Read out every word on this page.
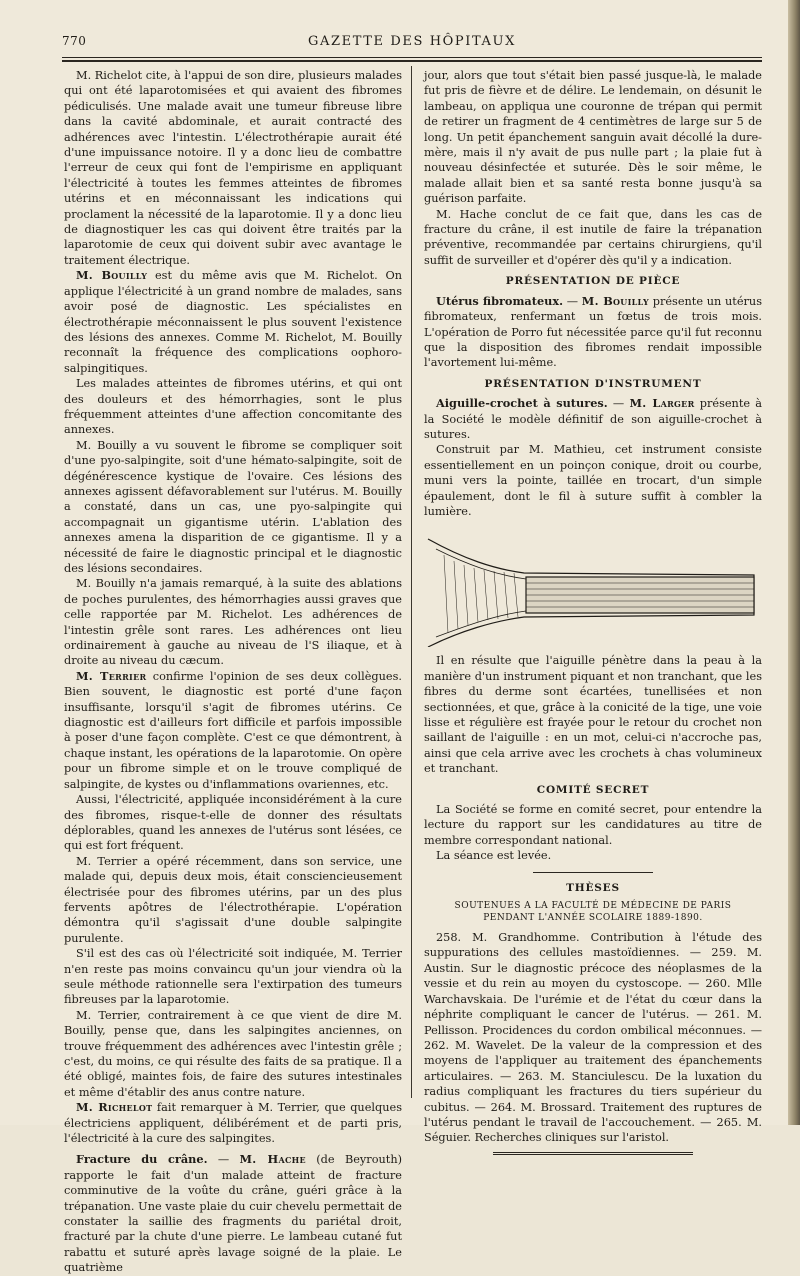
770	GAZETTE DES HÔPITAUX

M. Richelot cite, à l'appui de son dire, plusieurs malades qui ont été laparotomisées et qui avaient des fibromes pédiculisés. Une malade avait une tumeur fibreuse libre dans la cavité abdominale, et aurait contracté des adhérences avec l'intestin. L'électrothérapie aurait été d'une impuissance notoire. Il y a donc lieu de combattre l'erreur de ceux qui font de l'empirisme en appliquant l'électricité à toutes les femmes atteintes de fibromes utérins et en méconnaissant les indications qui proclament la nécessité de la laparotomie. Il y a donc lieu de diagnostiquer les cas qui doivent être traités par la laparotomie de ceux qui doivent subir avec avantage le traitement électrique.

M. Bouilly est du même avis que M. Richelot. On applique l'électricité à un grand nombre de malades, sans avoir posé de diagnostic. Les spécialistes en électrothérapie méconnaissent le plus souvent l'existence des lésions des annexes. Comme M. Richelot, M. Bouilly reconnaît la fréquence des complications oophoro-salpingitiques.

Les malades atteintes de fibromes utérins, et qui ont des douleurs et des hémorrhagies, sont le plus fréquemment atteintes d'une affection concomitante des annexes.

M. Bouilly a vu souvent le fibrome se compliquer soit d'une pyo-salpingite, soit d'une hémato-salpingite, soit de dégénérescence kystique de l'ovaire. Ces lésions des annexes agissent défavorablement sur l'utérus. M. Bouilly a constaté, dans un cas, une pyo-salpingite qui accompagnait un gigantisme utérin. L'ablation des annexes amena la disparition de ce gigantisme. Il y a nécessité de faire le diagnostic principal et le diagnostic des lésions secondaires.

M. Bouilly n'a jamais remarqué, à la suite des ablations de poches purulentes, des hémorrhagies aussi graves que celle rapportée par M. Richelot. Les adhérences de l'intestin grêle sont rares. Les adhérences ont lieu ordinairement à gauche au niveau de l'S iliaque, et à droite au niveau du cæcum.

M. Terrier confirme l'opinion de ses deux collègues. Bien souvent, le diagnostic est porté d'une façon insuffisante, lorsqu'il s'agit de fibromes utérins. Ce diagnostic est d'ailleurs fort difficile et parfois impossible à poser d'une façon complète. C'est ce que démontrent, à chaque instant, les opérations de la laparotomie. On opère pour un fibrome simple et on le trouve compliqué de salpingite, de kystes ou d'inflammations ovariennes, etc.

Aussi, l'électricité, appliquée inconsidérément à la cure des fibromes, risque-t-elle de donner des résultats déplorables, quand les annexes de l'utérus sont lésées, ce qui est fort fréquent.

M. Terrier a opéré récemment, dans son service, une malade qui, depuis deux mois, était consciencieusement électrisée pour des fibromes utérins, par un des plus fervents apôtres de l'électrothérapie. L'opération démontra qu'il s'agissait d'une double salpingite purulente.

S'il est des cas où l'électricité soit indiquée, M. Terrier n'en reste pas moins convaincu qu'un jour viendra où la seule méthode rationnelle sera l'extirpation des tumeurs fibreuses par la laparotomie.

M. Terrier, contrairement à ce que vient de dire M. Bouilly, pense que, dans les salpingites anciennes, on trouve fréquemment des adhérences avec l'intestin grêle ; c'est, du moins, ce qui résulte des faits de sa pratique. Il a été obligé, maintes fois, de faire des sutures intestinales et même d'établir des anus contre nature.

M. Richelot fait remarquer à M. Terrier, que quelques électriciens appliquent, délibérément et de parti pris, l'électricité à la cure des salpingites.

Fracture du crâne. — M. Hache (de Beyrouth) rapporte le fait d'un malade atteint de fracture comminutive de la voûte du crâne, guéri grâce à la trépanation. Une vaste plaie du cuir chevelu permettait de constater la saillie des fragments du pariétal droit, fracturé par la chute d'une pierre. Le lambeau cutané fut rabattu et suturé après lavage soigné de la plaie. Le quatrième

jour, alors que tout s'était bien passé jusque-là, le malade fut pris de fièvre et de délire. Le lendemain, on désunit le lambeau, on appliqua une couronne de trépan qui permit de retirer un fragment de 4 centimètres de large sur 5 de long. Un petit épanchement sanguin avait décollé la dure-mère, mais il n'y avait de pus nulle part ; la plaie fut à nouveau désinfectée et suturée. Dès le soir même, le malade allait bien et sa santé resta bonne jusqu'à sa guérison parfaite.

M. Hache conclut de ce fait que, dans les cas de fracture du crâne, il est inutile de faire la trépanation préventive, recommandée par certains chirurgiens, qu'il suffit de surveiller et d'opérer dès qu'il y a indication.

PRÉSENTATION DE PIÈCE

Utérus fibromateux. — M. Bouilly présente un utérus fibromateux, renfermant un fœtus de trois mois. L'opération de Porro fut nécessitée parce qu'il fut reconnu que la disposition des fibromes rendait impossible l'avortement lui-même.

PRÉSENTATION D'INSTRUMENT

Aiguille-crochet à sutures. — M. Larger présente à la Société le modèle définitif de son aiguille-crochet à sutures.

Construit par M. Mathieu, cet instrument consiste essentiellement en un poinçon conique, droit ou courbe, muni vers la pointe, taillée en trocart, d'un simple épaulement, dont le fil à suture suffit à combler la lumière.

Il en résulte que l'aiguille pénètre dans la peau à la manière d'un instrument piquant et non tranchant, que les fibres du derme sont écartées, tunellisées et non sectionnées, et que, grâce à la conicité de la tige, une voie lisse et régulière est frayée pour le retour du crochet non saillant de l'aiguille : en un mot, celui-ci n'accroche pas, ainsi que cela arrive avec les crochets à chas volumineux et tranchant.

COMITÉ SECRET

La Société se forme en comité secret, pour entendre la lecture du rapport sur les candidatures au titre de membre correspondant national.

La séance est levée.

THÈSES
SOUTENUES A LA FACULTÉ DE MÉDECINE DE PARIS
PENDANT L'ANNÉE SCOLAIRE 1889-1890.

258. M. Grandhomme. Contribution à l'étude des suppurations des cellules mastoïdiennes. — 259. M. Austin. Sur le diagnostic précoce des néoplasmes de la vessie et du rein au moyen du cystoscope. — 260. Mlle Warchavskaia. De l'urémie et de l'état du cœur dans la néphrite compliquant le cancer de l'utérus. — 261. M. Pellisson. Procidences du cordon ombilical méconnues. — 262. M. Wavelet. De la valeur de la compression et des moyens de l'appliquer au traitement des épanchements articulaires. — 263. M. Stanciulescu. De la luxation du radius compliquant les fractures du tiers supérieur du cubitus. — 264. M. Brossard. Traitement des ruptures de l'utérus pendant le travail de l'accouchement. — 265. M. Séguier. Recherches cliniques sur l'aristol.
